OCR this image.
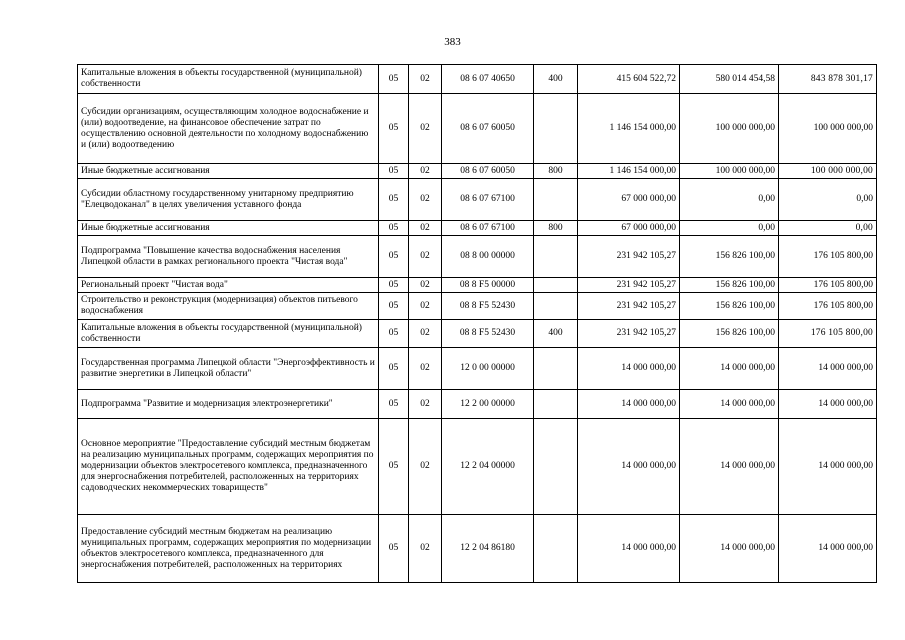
383
Капитальные вложения в объекты государственной (муниципальной) собственности	05	02	08 6 07 40650	400	415 604 522,72	580 014 454,58	843 878 301,17
Субсидии организациям, осуществляющим холодное водоснабжение и (или) водоотведение, на финансовое обеспечение затрат по осуществлению основной деятельности по холодному водоснабжению и (или) водоотведению	05	02	08 6 07 60050		1 146 154 000,00	100 000 000,00	100 000 000,00
Иные бюджетные ассигнования	05	02	08 6 07 60050	800	1 146 154 000,00	100 000 000,00	100 000 000,00
Субсидии областному государственному унитарному предприятию "Елецводоканал" в целях увеличения уставного фонда	05	02	08 6 07 67100		67 000 000,00	0,00	0,00
Иные бюджетные ассигнования	05	02	08 6 07 67100	800	67 000 000,00	0,00	0,00
Подпрограмма "Повышение качества водоснабжения населения Липецкой области в рамках регионального проекта "Чистая вода"	05	02	08 8 00 00000		231 942 105,27	156 826 100,00	176 105 800,00
Региональный проект "Чистая вода"	05	02	08 8 F5 00000		231 942 105,27	156 826 100,00	176 105 800,00
Строительство и реконструкция (модернизация) объектов питьевого водоснабжения	05	02	08 8 F5 52430		231 942 105,27	156 826 100,00	176 105 800,00
Капитальные вложения в объекты государственной (муниципальной) собственности	05	02	08 8 F5 52430	400	231 942 105,27	156 826 100,00	176 105 800,00
Государственная программа Липецкой области "Энергоэффективность и развитие энергетики в Липецкой области"	05	02	12 0 00 00000		14 000 000,00	14 000 000,00	14 000 000,00
Подпрограмма "Развитие и модернизация электроэнергетики"	05	02	12 2 00 00000		14 000 000,00	14 000 000,00	14 000 000,00
Основное мероприятие "Предоставление субсидий местным бюджетам на реализацию муниципальных программ, содержащих мероприятия по модернизации объектов электросетевого комплекса, предназначенного для энергоснабжения потребителей, расположенных на территориях садоводческих некоммерческих товариществ"	05	02	12 2 04 00000		14 000 000,00	14 000 000,00	14 000 000,00
Предоставление субсидий местным бюджетам на реализацию муниципальных программ, содержащих мероприятия по модернизации объектов электросетевого комплекса, предназначенного для энергоснабжения потребителей, расположенных на территориях	05	02	12 2 04 86180		14 000 000,00	14 000 000,00	14 000 000,00
